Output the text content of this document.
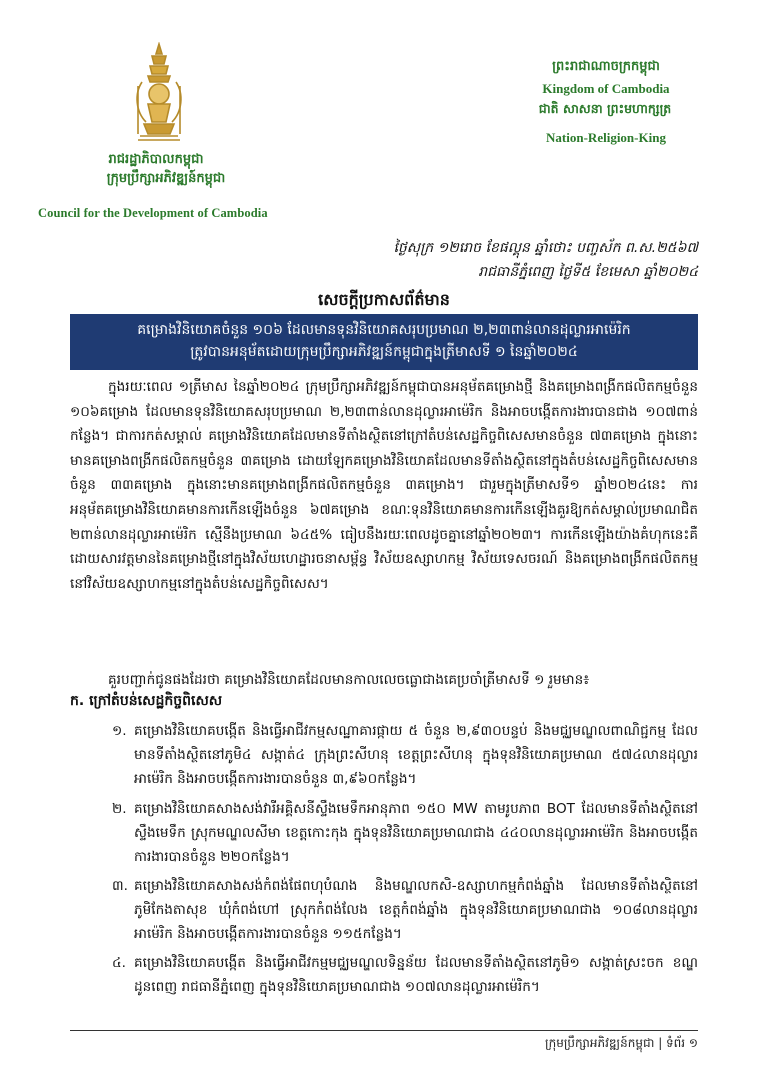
រាជរដ្ឋាភិបាលកម្ពុជា
ក្រុមប្រឹក្សាអភិវឌ្ឍន៍កម្ពុជា
Council for the Development of Cambodia
ព្រះរាជាណាចក្រកម្ពុជា
Kingdom of Cambodia
ជាតិ សាសនា ព្រះមហាក្សត្រ
Nation-Religion-King
ថ្ងៃសុក្រ ១២រោច ខែផល្គុន ឆ្នាំថោះ បញ្ចស័ក ព.ស.២៥៦៧
រាជធានីភ្នំពេញ ថ្ងៃទី៥ ខែមេសា ឆ្នាំ២០២៤
សេចក្តីប្រកាសព័ត៌មាន
គម្រោងវិនិយោគចំនួន ១០៦ ដែលមានទុនវិនិយោគសរុបប្រមាណ ២,២៣ពាន់លានដុល្លារអាម៉េរិក
ត្រូវបានអនុម័តដោយក្រុមប្រឹក្សាអភិវឌ្ឍន៍កម្ពុជាក្នុងត្រីមាសទី ១ នៃឆ្នាំ២០២៤
ក្នុងរយៈពេល ១ត្រីមាស នៃឆ្នាំ២០២៤ ក្រុមប្រឹក្សាអភិវឌ្ឍន៍កម្ពុជាបានអនុម័តគម្រោងថ្មី និងគម្រោងពង្រីកផលិតកម្មចំនួន ១០៦គម្រោង ដែលមានទុនវិនិយោគសរុបប្រមាណ ២,២៣ពាន់លានដុល្លារអាម៉េរិក និងអាចបង្កើតការងារបានជាង ១០៧ពាន់កន្លែង។ ជាការកត់សម្គាល់ គម្រោងវិនិយោគដែលមានទីតាំងស្ថិតនៅក្រៅតំបន់សេដ្ឋកិច្ចពិសេសមានចំនួន ៧៣គម្រោង ក្នុងនោះមានគម្រោងពង្រីកផលិតកម្មចំនួន ៣គម្រោង ដោយឡែកគម្រោងវិនិយោគដែលមានទីតាំងស្ថិតនៅក្នុងតំបន់សេដ្ឋកិច្ចពិសេសមានចំនួន ៣៣គម្រោង ក្នុងនោះមានគម្រោងពង្រីកផលិតកម្មចំនួន ៣គម្រោង។ ជារួមក្នុងត្រីមាសទី១ ឆ្នាំ២០២៤នេះ ការអនុម័តគម្រោងវិនិយោគមានការកើនឡើងចំនួន ៦៧គម្រោង ខណៈទុនវិនិយោគមានការកើនឡើងគួរឱ្យកត់សម្គាល់ប្រមាណជិត ២ពាន់លានដុល្លារអាម៉េរិក ស្មើនឹងប្រមាណ ៦៤៥% ធៀបនឹងរយៈពេលដូចគ្នានៅឆ្នាំ២០២៣។ ការកើនឡើងយ៉ាងគំហុកនេះគឺដោយសារវត្តមាននៃគម្រោងថ្មីនៅក្នុងវិស័យហេដ្ឋារចនាសម្ព័ន្ធ វិស័យឧស្សាហកម្ម វិស័យទេសចរណ៍ និងគម្រោងពង្រីកផលិតកម្មនៅវិស័យឧស្សាហកម្មនៅក្នុងតំបន់សេដ្ឋកិច្ចពិសេស។
គួរបញ្ជាក់ជូនផងដែរថា គម្រោងវិនិយោគដែលមានកាលលេចធ្លោជាងគេប្រចាំត្រីមាសទី ១ រួមមាន៖
ក. ក្រៅតំបន់សេដ្ឋកិច្ចពិសេស
១. គម្រោងវិនិយោគបង្កើត និងធ្វើអាជីវកម្មសណ្ឋាគារផ្កាយ ៥ ចំនួន ២,៩៣០បន្ទប់ និងមជ្ឈមណ្ឌលពាណិជ្ជកម្ម ដែលមានទីតាំងស្ថិតនៅភូមិ៤ សង្កាត់៤ ក្រុងព្រះសីហនុ ខេត្តព្រះសីហនុ ក្នុងទុនវិនិយោគប្រមាណ ៥៧៤លានដុល្លារអាម៉េរិក និងអាចបង្កើតការងារបានចំនួន ៣,៩៦០កន្លែង។
២. គម្រោងវិនិយោគសាងសង់វារីអគ្គិសនីស្ទឹងមេទឹកអានុភាព ១៥០ MW តាមរូបភាព BOT ដែលមានទីតាំងស្ថិតនៅស្ទឹងមេទឹក ស្រុកមណ្ឌលសីមា ខេត្តកោះកុង ក្នុងទុនវិនិយោគប្រមាណជាង ៤៤០លានដុល្លារអាម៉េរិក និងអាចបង្កើតការងារបានចំនួន ២២០កន្លែង។
៣. គម្រោងវិនិយោគសាងសង់កំពង់ផែពហុបំណង និងមណ្ឌលកសិ-ឧស្សាហកម្មកំពង់ឆ្នាំង ដែលមានទីតាំងស្ថិតនៅភូមិកែងតាសុខ ឃុំកំពង់ហៅ ស្រុកកំពង់លែង ខេត្តកំពង់ឆ្នាំង ក្នុងទុនវិនិយោគប្រមាណជាង ១០៨លានដុល្លារអាម៉េរិក និងអាចបង្កើតការងារបានចំនួន ១១៥កន្លែង។
៤. គម្រោងវិនិយោគបង្កើត និងធ្វើអាជីវកម្មមជ្ឈមណ្ឌលទិន្នន័យ ដែលមានទីតាំងស្ថិតនៅភូមិ១ សង្កាត់ស្រះចក ខណ្ឌដូនពេញ រាជធានីភ្នំពេញ ក្នុងទុនវិនិយោគប្រមាណជាង ១០៧លានដុល្លារអាម៉េរិក។
ក្រុមប្រឹក្សាអភិវឌ្ឍន៍កម្ពុជា | ទំព័រ ១
